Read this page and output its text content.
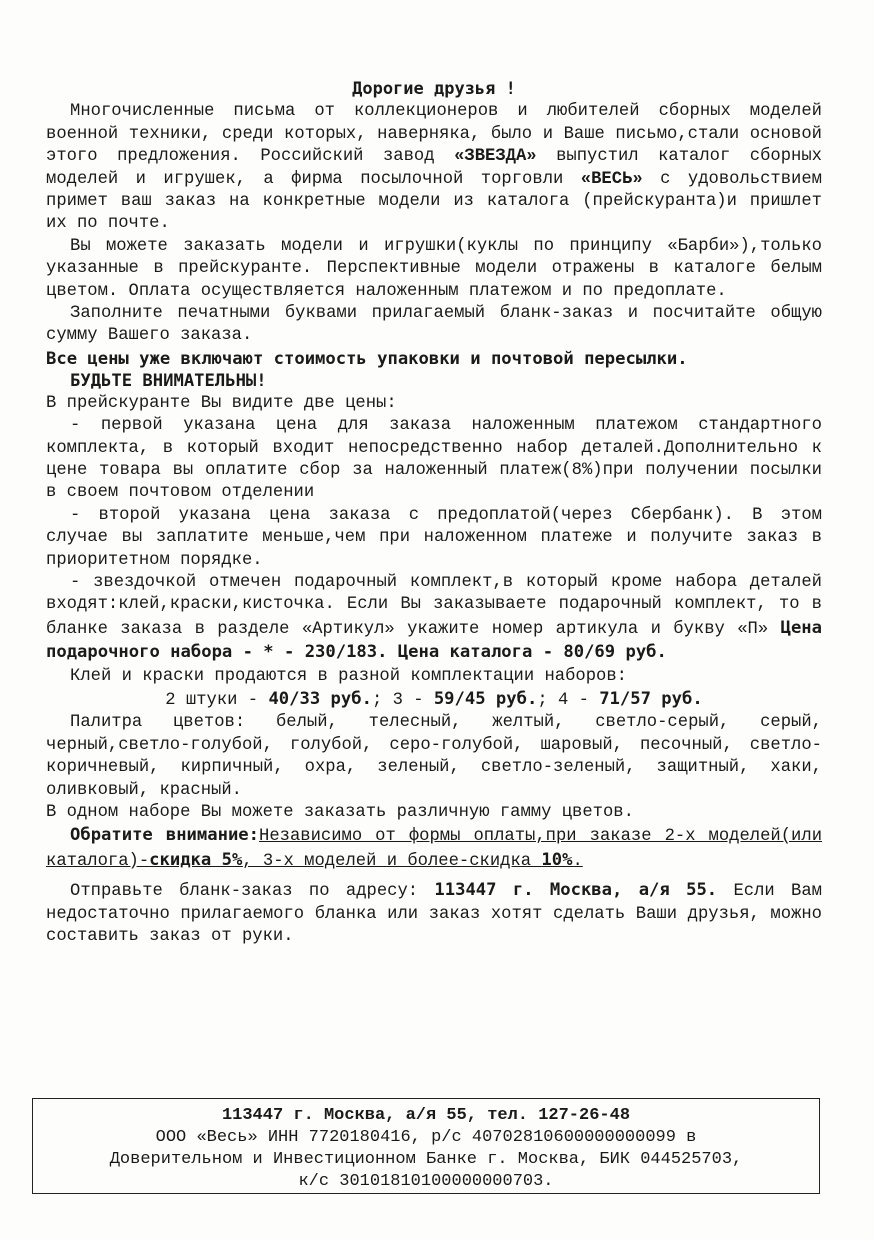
Дорогие друзья !

Многочисленные письма от коллекционеров и любителей сборных моделей военной техники, среди которых, наверняка, было и Ваше письмо,стали основой этого предложения. Российский завод «ЗВЕЗДА» выпустил каталог сборных моделей и игрушек, а фирма посылочной торговли «ВЕСЬ» с удовольствием примет ваш заказ на конкретные модели из каталога (прейскуранта)и пришлет их по почте.

Вы можете заказать модели и игрушки(куклы по принципу «Барби»),только указанные в прейскуранте. Перспективные модели отражены в каталоге белым цветом. Оплата осуществляется наложенным платежом и по предоплате.

Заполните печатными буквами прилагаемый бланк-заказ и посчитайте общую сумму Вашего заказа.

Все цены уже включают стоимость упаковки и почтовой пересылки.

БУДЬТЕ ВНИМАТЕЛЬНЫ!

В прейскуранте Вы видите две цены:

- первой указана цена для заказа наложенным платежом стандартного комплекта, в который входит непосредственно набор деталей.Дополнительно к цене товара вы оплатите сбор за наложенный платеж(8%)при получении посылки в своем почтовом отделении

- второй указана цена заказа с предоплатой(через Сбербанк). В этом случае вы заплатите меньше,чем при наложенном платеже и получите заказ в приоритетном порядке.

- звездочкой отмечен подарочный комплект,в который кроме набора деталей входят:клей,краски,кисточка. Если Вы заказываете подарочный комплект, то в бланке заказа в разделе «Артикул» укажите номер артикула и букву «П» Цена подарочного набора - * - 230/183. Цена каталога - 80/69 руб.

Клей и краски продаются в разной комплектации наборов:

2 штуки - 40/33 руб.; 3 - 59/45 руб.; 4 - 71/57 руб.

Палитра цветов: белый, телесный, желтый, светло-серый, серый, черный,светло-голубой, голубой, серо-голубой, шаровый, песочный, светло-коричневый, кирпичный, охра, зеленый, светло-зеленый, защитный, хаки, оливковый, красный.

В одном наборе Вы можете заказать различную гамму цветов.

Обратите внимание:Независимо от формы оплаты,при заказе 2-х моделей(или каталога)-скидка 5%, 3-х моделей и более-скидка 10%.

Отправьте бланк-заказ по адресу: 113447 г. Москва, а/я 55. Если Вам недостаточно прилагаемого бланка или заказ хотят сделать Ваши друзья, можно составить заказ от руки.

113447 г. Москва, а/я 55, тел. 127-26-48
ООО «Весь» ИНН 7720180416, р/с 40702810600000000099 в
Доверительном и Инвестиционном Банке г. Москва, БИК 044525703,
к/с 30101810100000000703.
